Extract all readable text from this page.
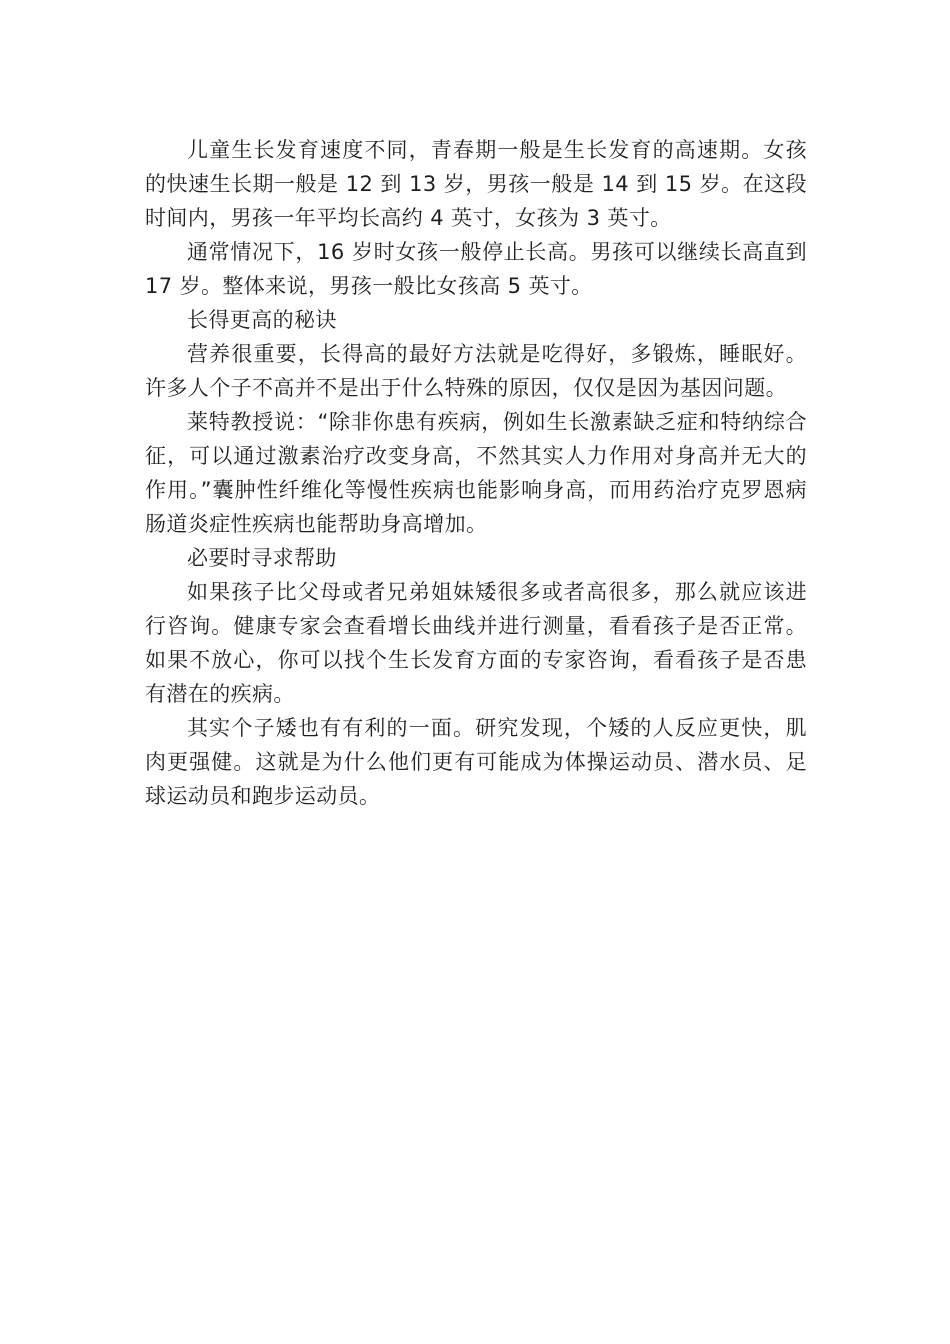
儿童生长发育速度不同，青春期一般是生长发育的高速期。女孩的快速生长期一般是 12 到 13 岁，男孩一般是 14 到 15 岁。在这段时间内，男孩一年平均长高约 4 英寸，女孩为 3 英寸。

通常情况下，16 岁时女孩一般停止长高。男孩可以继续长高直到 17 岁。整体来说，男孩一般比女孩高 5 英寸。

长得更高的秘诀

营养很重要，长得高的最好方法就是吃得好，多锻炼，睡眠好。许多人个子不高并不是出于什么特殊的原因，仅仅是因为基因问题。

莱特教授说：“除非你患有疾病，例如生长激素缺乏症和特纳综合征，可以通过激素治疗改变身高，不然其实人力作用对身高并无大的作用。”囊肿性纤维化等慢性疾病也能影响身高，而用药治疗克罗恩病肠道炎症性疾病也能帮助身高增加。

必要时寻求帮助

如果孩子比父母或者兄弟姐妹矮很多或者高很多，那么就应该进行咨询。健康专家会查看增长曲线并进行测量，看看孩子是否正常。如果不放心，你可以找个生长发育方面的专家咨询，看看孩子是否患有潜在的疾病。

其实个子矮也有有利的一面。研究发现，个矮的人反应更快，肌肉更强健。这就是为什么他们更有可能成为体操运动员、潜水员、足球运动员和跑步运动员。
